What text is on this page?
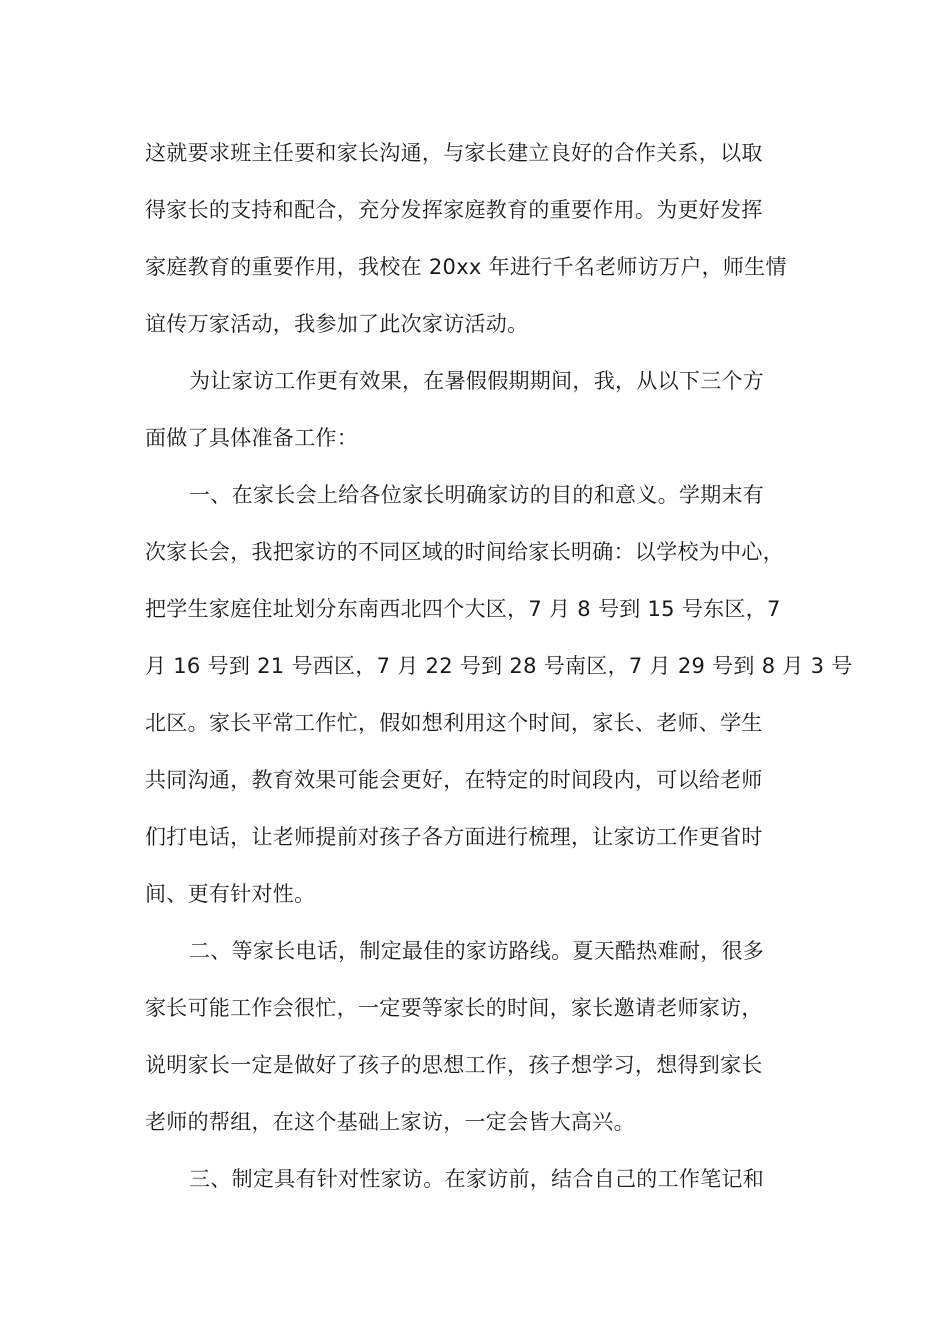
这就要求班主任要和家长沟通，与家长建立良好的合作关系，以取
得家长的支持和配合，充分发挥家庭教育的重要作用。为更好发挥
家庭教育的重要作用，我校在 20xx 年进行千名老师访万户，师生情
谊传万家活动，我参加了此次家访活动。
为让家访工作更有效果，在暑假假期期间，我，从以下三个方
面做了具体准备工作：
一、在家长会上给各位家长明确家访的目的和意义。学期末有
次家长会，我把家访的不同区域的时间给家长明确：以学校为中心，
把学生家庭住址划分东南西北四个大区，7 月 8 号到 15 号东区，7
月 16 号到 21 号西区，7 月 22 号到 28 号南区，7 月 29 号到 8 月 3 号
北区。家长平常工作忙，假如想利用这个时间，家长、老师、学生
共同沟通，教育效果可能会更好，在特定的时间段内，可以给老师
们打电话，让老师提前对孩子各方面进行梳理，让家访工作更省时
间、更有针对性。
二、等家长电话，制定最佳的家访路线。夏天酷热难耐，很多
家长可能工作会很忙，一定要等家长的时间，家长邀请老师家访，
说明家长一定是做好了孩子的思想工作，孩子想学习，想得到家长
老师的帮组，在这个基础上家访，一定会皆大高兴。
三、制定具有针对性家访。在家访前，结合自己的工作笔记和
